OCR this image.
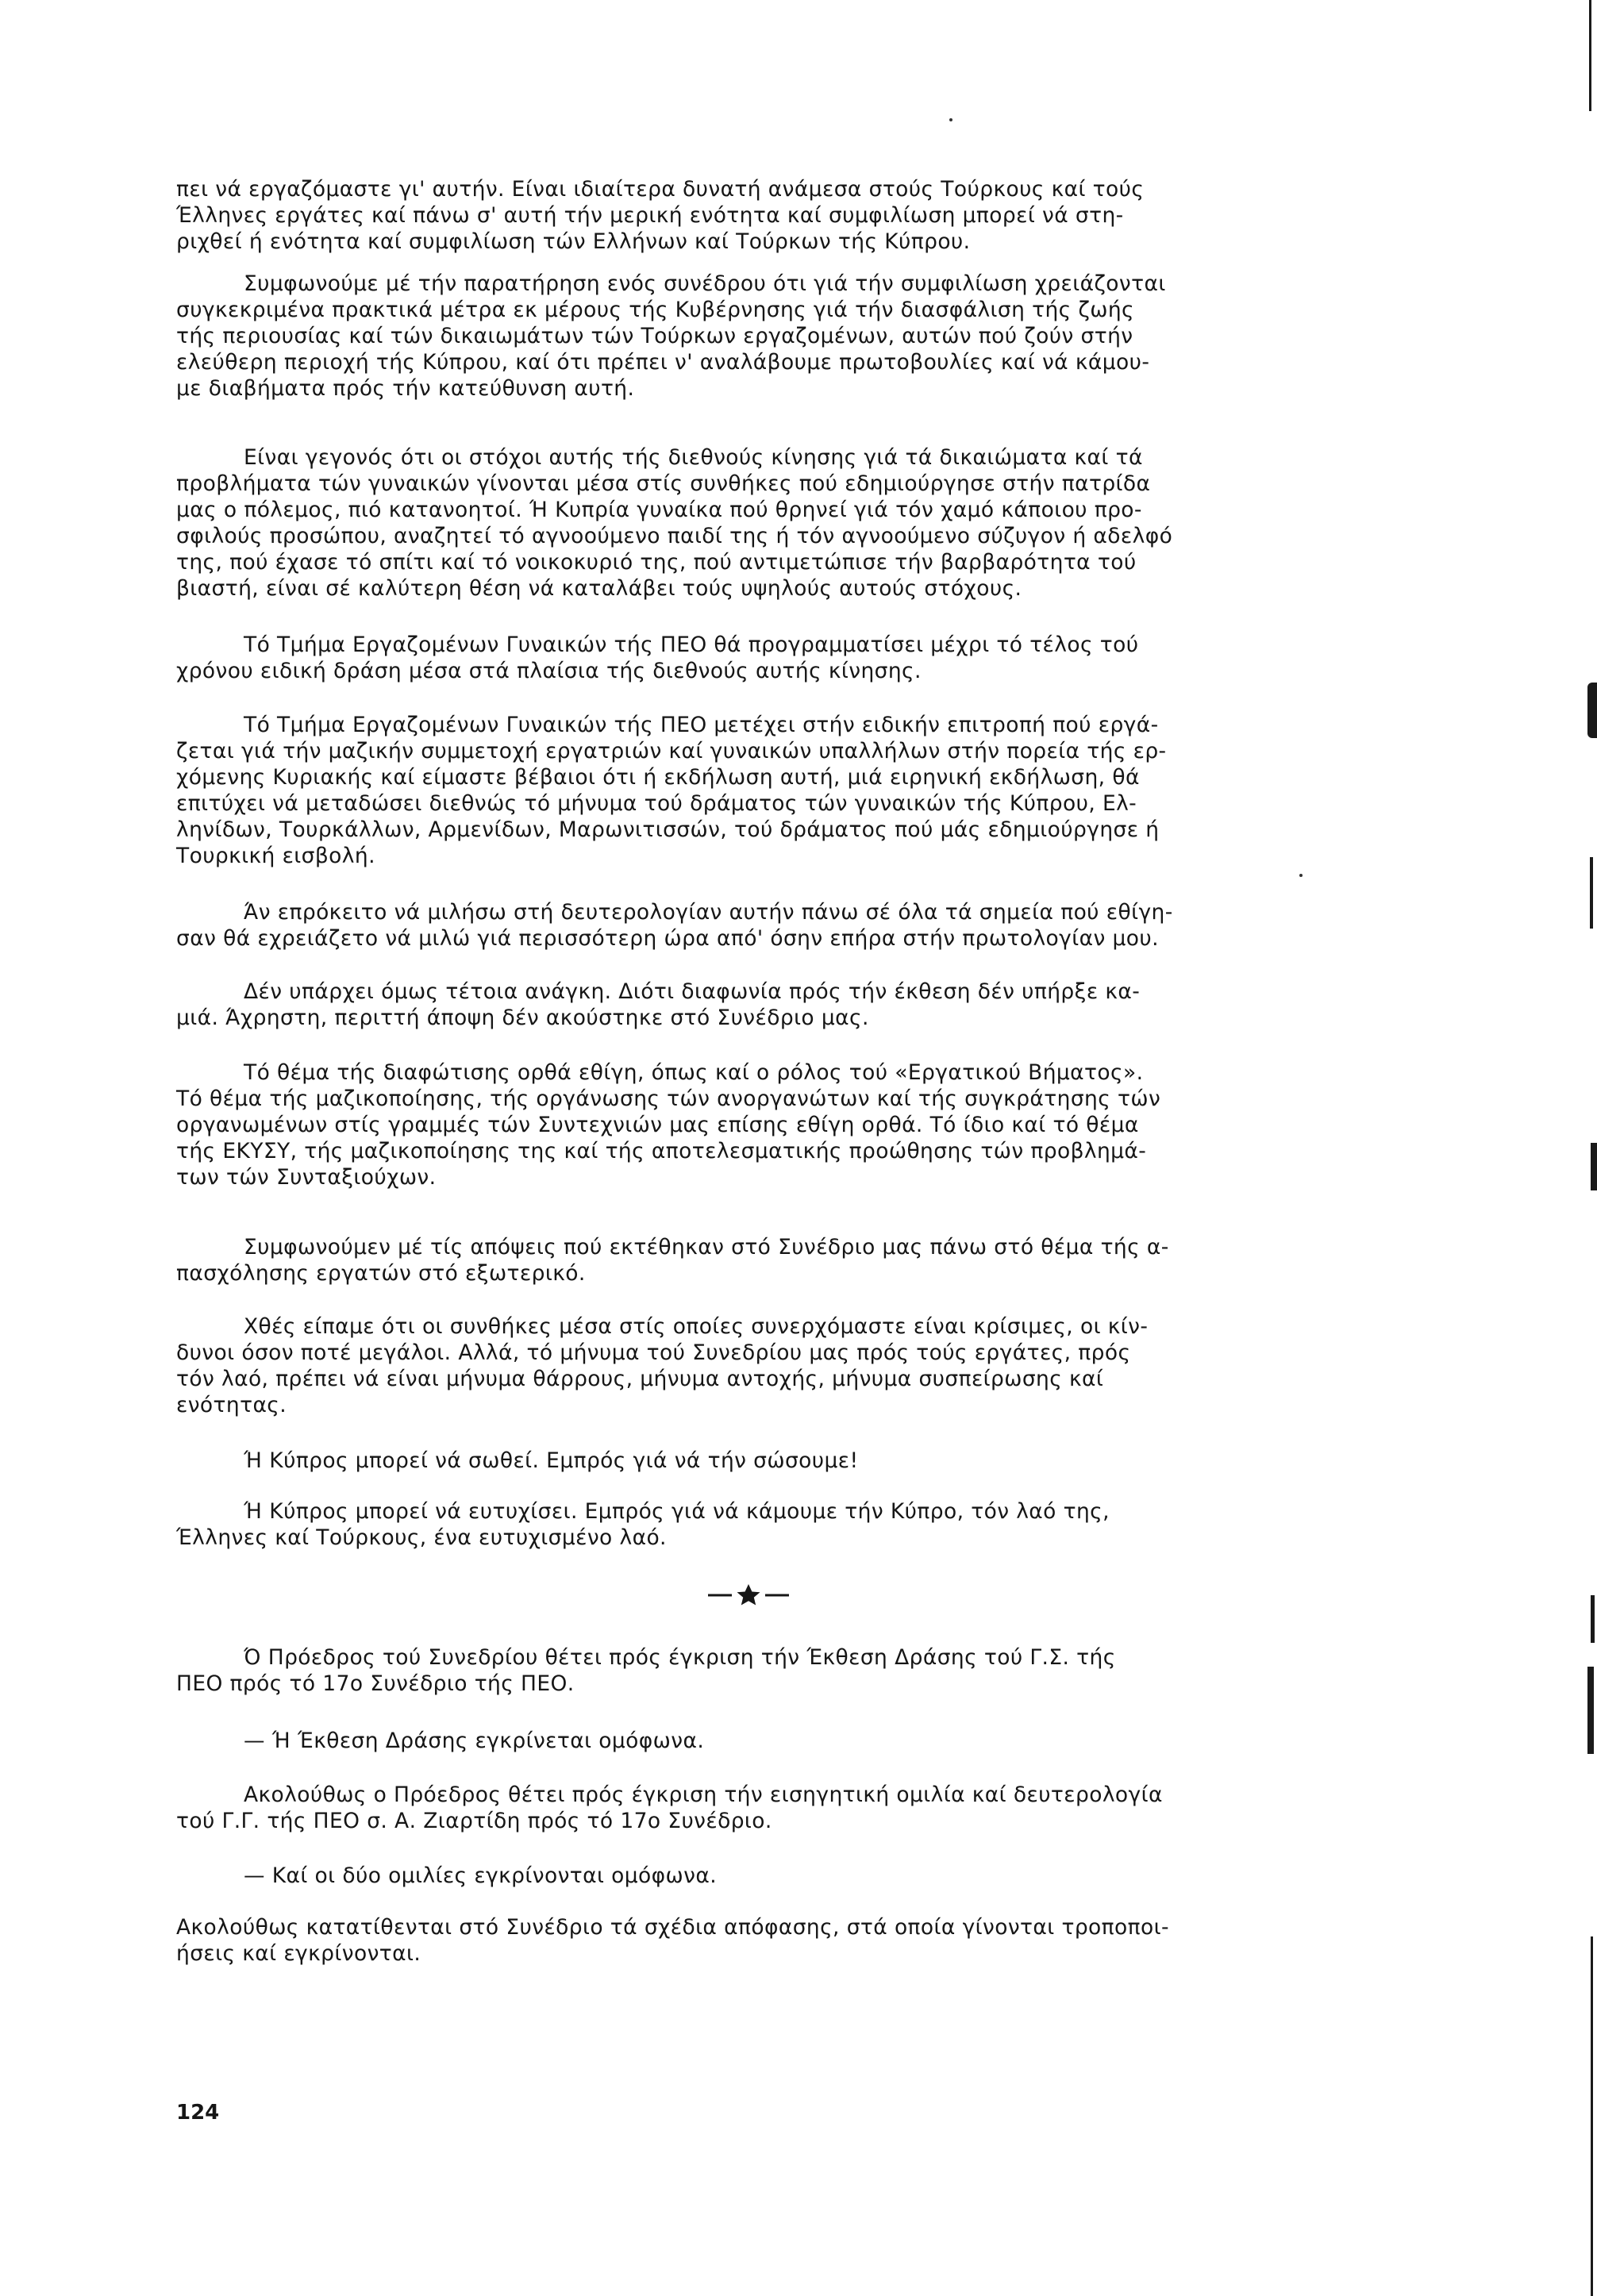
πει νά εργαζόμαστε γι' αυτήν. Είναι ιδιαίτερα δυνατή ανάμεσα στούς Τούρκους καί τούς
Έλληνες εργάτες καί πάνω σ' αυτή τήν μερική ενότητα καί συμφιλίωση μπορεί νά στη-
ριχθεί ή ενότητα καί συμφιλίωση τών Ελλήνων καί Τούρκων τής Κύπρου.
Συμφωνούμε μέ τήν παρατήρηση ενός συνέδρου ότι γιά τήν συμφιλίωση χρειάζονται
συγκεκριμένα πρακτικά μέτρα εκ μέρους τής Κυβέρνησης γιά τήν διασφάλιση τής ζωής
τής περιουσίας καί τών δικαιωμάτων τών Τούρκων εργαζομένων, αυτών πού ζούν στήν
ελεύθερη περιοχή τής Κύπρου, καί ότι πρέπει ν' αναλάβουμε πρωτοβουλίες καί νά κάμου-
με διαβήματα πρός τήν κατεύθυνση αυτή.
Είναι γεγονός ότι οι στόχοι αυτής τής διεθνούς κίνησης γιά τά δικαιώματα καί τά
προβλήματα τών γυναικών γίνονται μέσα στίς συνθήκες πού εδημιούργησε στήν πατρίδα
μας ο πόλεμος, πιό κατανοητοί. Ή Κυπρία γυναίκα πού θρηνεί γιά τόν χαμό κάποιου προ-
σφιλούς προσώπου, αναζητεί τό αγνοούμενο παιδί της ή τόν αγνοούμενο σύζυγον ή αδελφό
της, πού έχασε τό σπίτι καί τό νοικοκυριό της, πού αντιμετώπισε τήν βαρβαρότητα τού
βιαστή, είναι σέ καλύτερη θέση νά καταλάβει τούς υψηλούς αυτούς στόχους.
Τό Τμήμα Εργαζομένων Γυναικών τής ΠΕΟ θά προγραμματίσει μέχρι τό τέλος τού
χρόνου ειδική δράση μέσα στά πλαίσια τής διεθνούς αυτής κίνησης.
Τό Τμήμα Εργαζομένων Γυναικών τής ΠΕΟ μετέχει στήν ειδικήν επιτροπή πού εργά-
ζεται γιά τήν μαζικήν συμμετοχή εργατριών καί γυναικών υπαλλήλων στήν πορεία τής ερ-
χόμενης Κυριακής καί είμαστε βέβαιοι ότι ή εκδήλωση αυτή, μιά ειρηνική εκδήλωση, θά
επιτύχει νά μεταδώσει διεθνώς τό μήνυμα τού δράματος τών γυναικών τής Κύπρου, Ελ-
ληνίδων, Τουρκάλλων, Αρμενίδων, Μαρωνιτισσών, τού δράματος πού μάς εδημιούργησε ή
Τουρκική εισβολή.
Άν επρόκειτο νά μιλήσω στή δευτερολογίαν αυτήν πάνω σέ όλα τά σημεία πού εθίγη-
σαν θά εχρειάζετο νά μιλώ γιά περισσότερη ώρα από' όσην επήρα στήν πρωτολογίαν μου.
Δέν υπάρχει όμως τέτοια ανάγκη. Διότι διαφωνία πρός τήν έκθεση δέν υπήρξε κα-
μιά. Άχρηστη, περιττή άποψη δέν ακούστηκε στό Συνέδριο μας.
Τό θέμα τής διαφώτισης ορθά εθίγη, όπως καί ο ρόλος τού «Εργατικού Βήματος».
Τό θέμα τής μαζικοποίησης, τής οργάνωσης τών ανοργανώτων καί τής συγκράτησης τών
οργανωμένων στίς γραμμές τών Συντεχνιών μας επίσης εθίγη ορθά. Τό ίδιο καί τό θέμα
τής ΕΚΥΣΥ, τής μαζικοποίησης της καί τής αποτελεσματικής προώθησης τών προβλημά-
των τών Συνταξιούχων.
Συμφωνούμεν μέ τίς απόψεις πού εκτέθηκαν στό Συνέδριο μας πάνω στό θέμα τής α-
πασχόλησης εργατών στό εξωτερικό.
Χθές είπαμε ότι οι συνθήκες μέσα στίς οποίες συνερχόμαστε είναι κρίσιμες, οι κίν-
δυνοι όσον ποτέ μεγάλοι. Αλλά, τό μήνυμα τού Συνεδρίου μας πρός τούς εργάτες, πρός
τόν λαό, πρέπει νά είναι μήνυμα θάρρους, μήνυμα αντοχής, μήνυμα συσπείρωσης καί
ενότητας.
Ή Κύπρος μπορεί νά σωθεί. Εμπρός γιά νά τήν σώσουμε!
Ή Κύπρος μπορεί νά ευτυχίσει. Εμπρός γιά νά κάμουμε τήν Κύπρο, τόν λαό της,
Έλληνες καί Τούρκους, ένα ευτυχισμένο λαό.
Ό Πρόεδρος τού Συνεδρίου θέτει πρός έγκριση τήν Έκθεση Δράσης τού Γ.Σ. τής
ΠΕΟ πρός τό 17ο Συνέδριο τής ΠΕΟ.
— Ή Έκθεση Δράσης εγκρίνεται ομόφωνα.
Ακολούθως ο Πρόεδρος θέτει πρός έγκριση τήν εισηγητική ομιλία καί δευτερολογία
τού Γ.Γ. τής ΠΕΟ σ. Α. Ζιαρτίδη πρός τό 17ο Συνέδριο.
— Καί οι δύο ομιλίες εγκρίνονται ομόφωνα.
Ακολούθως κατατίθενται στό Συνέδριο τά σχέδια απόφασης, στά οποία γίνονται τροποποι-
ήσεις καί εγκρίνονται.
124
